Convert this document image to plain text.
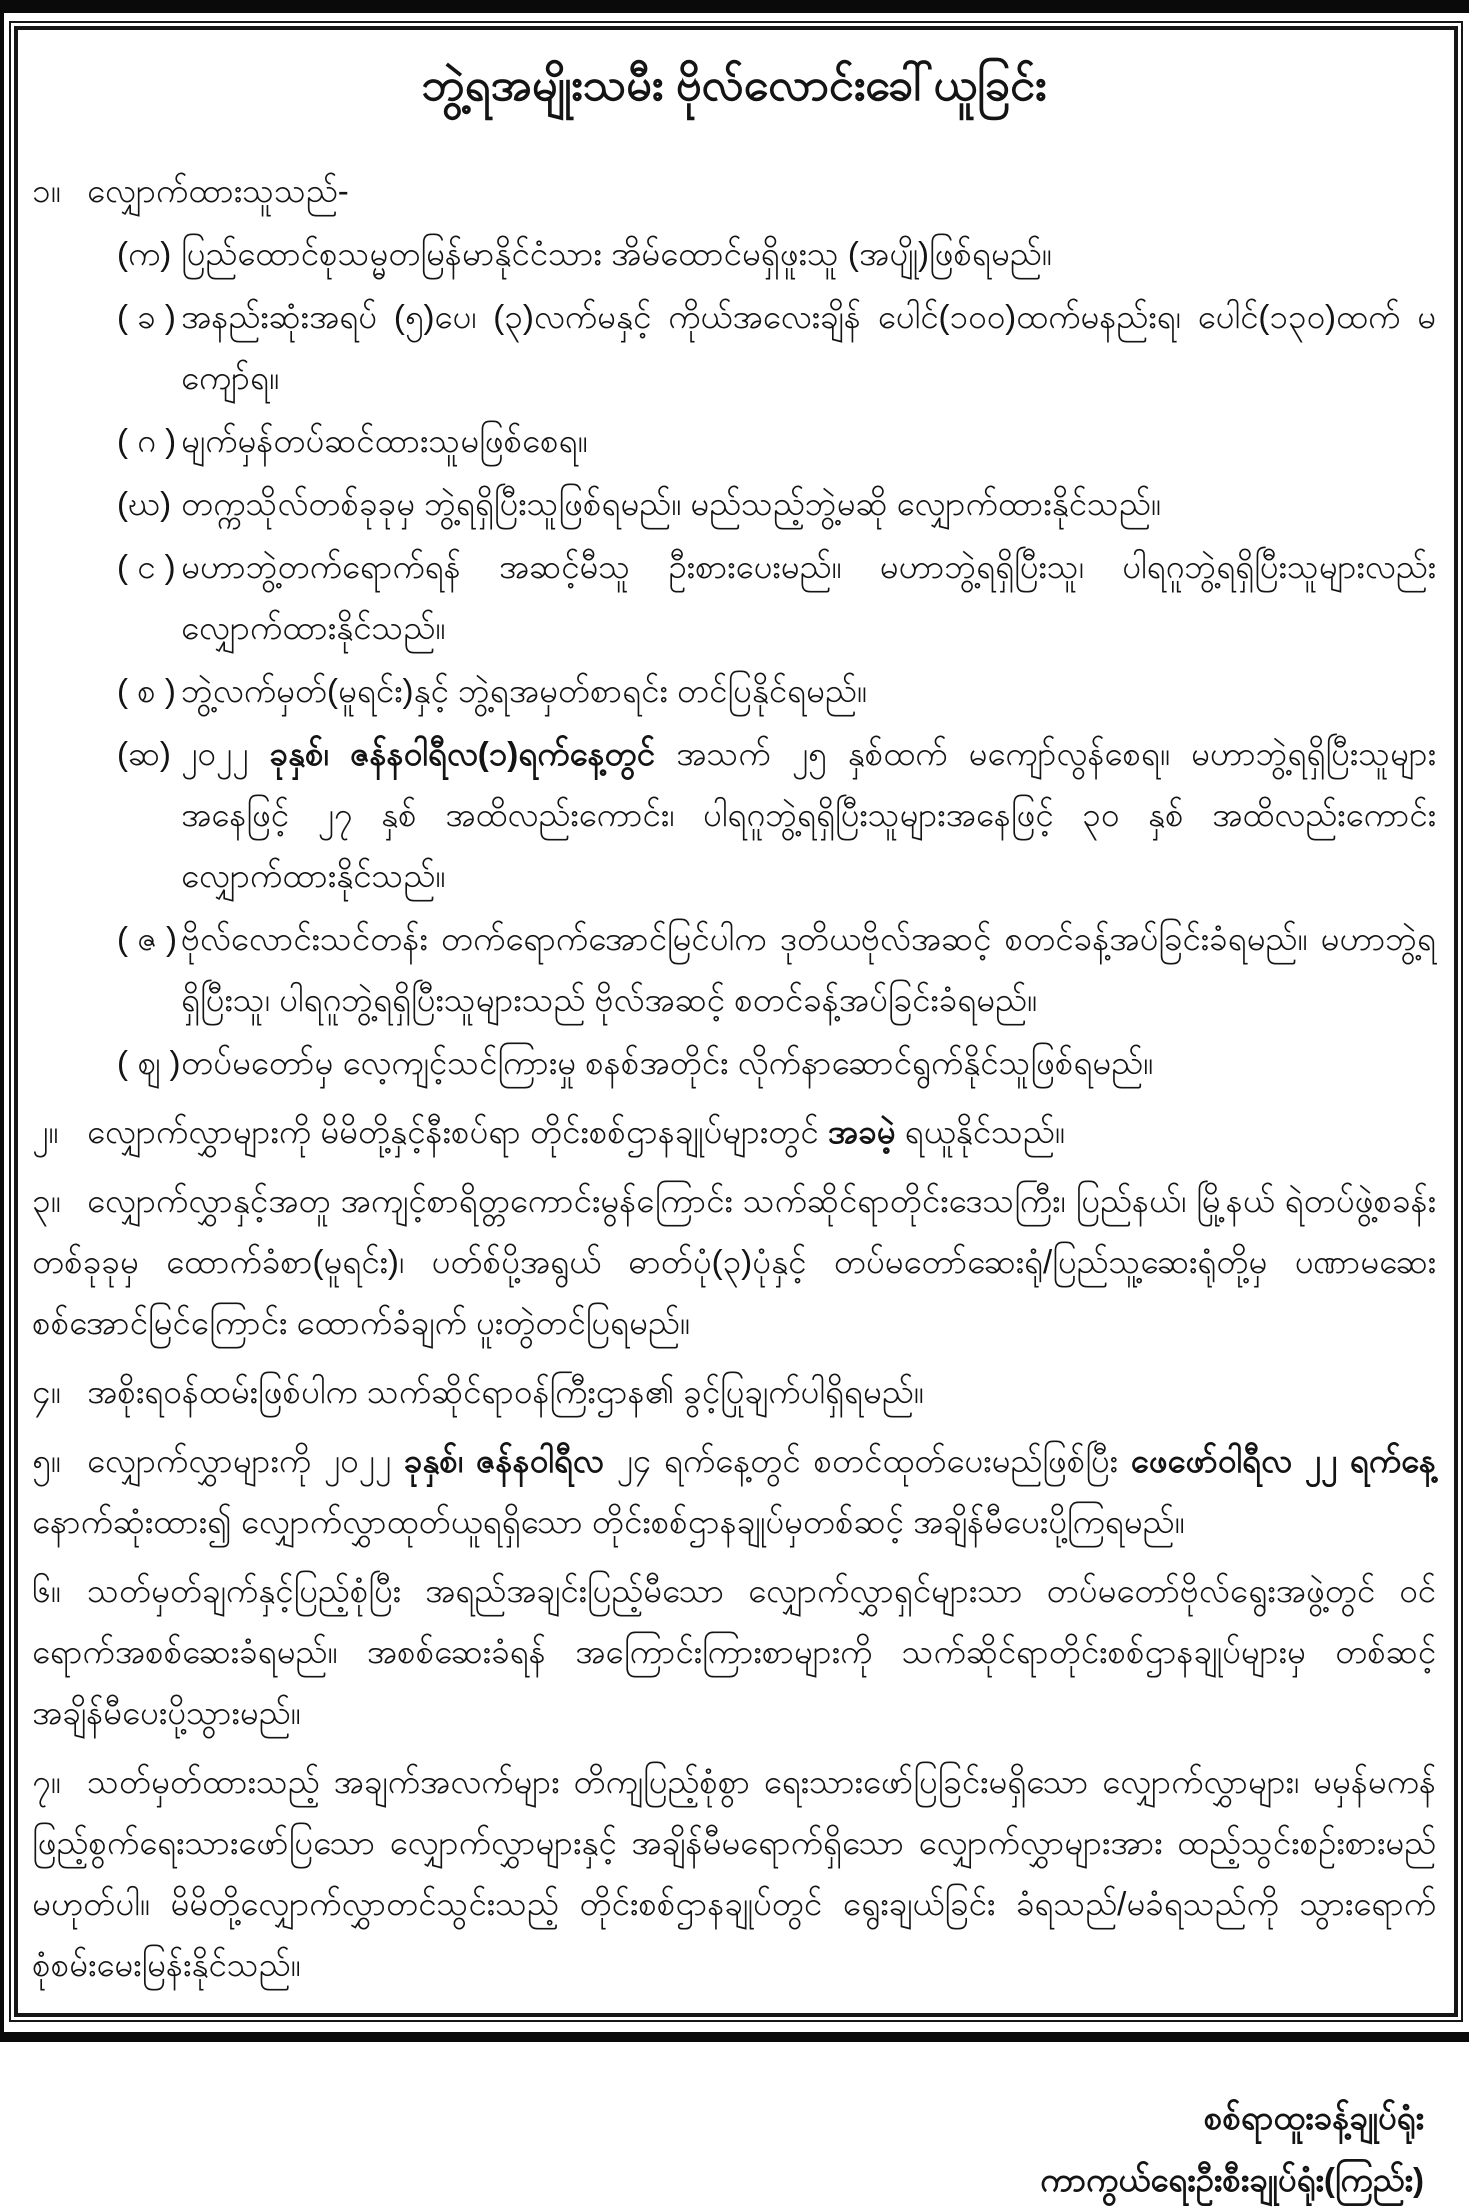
ဘွဲ့ရအမျိုးသမီး ဗိုလ်လောင်းခေါ်ယူခြင်း

၁။ လျှောက်ထားသူသည်-

(က) ပြည်ထောင်စုသမ္မတမြန်မာနိုင်ငံသား အိမ်ထောင်မရှိဖူးသူ (အပျို)ဖြစ်ရမည်။
( ခ ) အနည်းဆုံးအရပ် (၅)ပေ၊ (၃)လက်မနှင့် ကိုယ်အလေးချိန် ပေါင်(၁၀၀)ထက်မနည်းရ၊ ပေါင်(၁၃၀)ထက် မကျော်ရ။
( ဂ ) မျက်မှန်တပ်ဆင်ထားသူမဖြစ်စေရ။
(ဃ) တက္ကသိုလ်တစ်ခုခုမှ ဘွဲ့ရရှိပြီးသူဖြစ်ရမည်။ မည်သည့်ဘွဲ့မဆို လျှောက်ထားနိုင်သည်။
( င ) မဟာဘွဲ့တက်ရောက်ရန် အဆင့်မီသူ ဦးစားပေးမည်။ မဟာဘွဲ့ရရှိပြီးသူ၊ ပါရဂူဘွဲ့ရရှိပြီးသူများလည်း လျှောက်ထားနိုင်သည်။
( စ ) ဘွဲ့လက်မှတ်(မူရင်း)နှင့် ဘွဲ့ရအမှတ်စာရင်း တင်ပြနိုင်ရမည်။
(ဆ) ၂၀၂၂ ခုနှစ်၊ ဇန်နဝါရီလ(၁)ရက်နေ့တွင် အသက် ၂၅ နှစ်ထက် မကျော်လွန်စေရ။ မဟာဘွဲ့ရရှိပြီးသူများအနေဖြင့် ၂၇ နှစ် အထိလည်းကောင်း၊ ပါရဂူဘွဲ့ရရှိပြီးသူများအနေဖြင့် ၃၀ နှစ် အထိလည်းကောင်း လျှောက်ထားနိုင်သည်။
( ဇ ) ဗိုလ်လောင်းသင်တန်း တက်ရောက်အောင်မြင်ပါက ဒုတိယဗိုလ်အဆင့် စတင်ခန့်အပ်ခြင်းခံရမည်။ မဟာဘွဲ့ရရှိပြီးသူ၊ ပါရဂူဘွဲ့ရရှိပြီးသူများသည် ဗိုလ်အဆင့် စတင်ခန့်အပ်ခြင်းခံရမည်။
( ဈ ) တပ်မတော်မှ လေ့ကျင့်သင်ကြားမှု စနစ်အတိုင်း လိုက်နာဆောင်ရွက်နိုင်သူဖြစ်ရမည်။

၂။ လျှောက်လွှာများကို မိမိတို့နှင့်နီးစပ်ရာ တိုင်းစစ်ဌာနချုပ်များတွင် အခမဲ့ ရယူနိုင်သည်။

၃။ လျှောက်လွှာနှင့်အတူ အကျင့်စာရိတ္တကောင်းမွန်ကြောင်း သက်ဆိုင်ရာတိုင်းဒေသကြီး၊ ပြည်နယ်၊ မြို့နယ် ရဲတပ်ဖွဲ့စခန်းတစ်ခုခုမှ ထောက်ခံစာ(မူရင်း)၊ ပတ်စ်ပို့အရွယ် ဓာတ်ပုံ(၃)ပုံနှင့် တပ်မတော်ဆေးရုံ/ပြည်သူ့ဆေးရုံတို့မှ ပဏာမဆေးစစ်အောင်မြင်ကြောင်း ထောက်ခံချက် ပူးတွဲတင်ပြရမည်။

၄။ အစိုးရဝန်ထမ်းဖြစ်ပါက သက်ဆိုင်ရာဝန်ကြီးဌာန၏ ခွင့်ပြုချက်ပါရှိရမည်။

၅။ လျှောက်လွှာများကို ၂၀၂၂ ခုနှစ်၊ ဇန်နဝါရီလ ၂၄ ရက်နေ့တွင် စတင်ထုတ်ပေးမည်ဖြစ်ပြီး ဖေဖော်ဝါရီလ ၂၂ ရက်နေ့နောက်ဆုံးထား၍ လျှောက်လွှာထုတ်ယူရရှိသော တိုင်းစစ်ဌာနချုပ်မှတစ်ဆင့် အချိန်မီပေးပို့ကြရမည်။

၆။ သတ်မှတ်ချက်နှင့်ပြည့်စုံပြီး အရည်အချင်းပြည့်မီသော လျှောက်လွှာရှင်များသာ တပ်မတော်ဗိုလ်ရွေးအဖွဲ့တွင် ဝင်ရောက်အစစ်ဆေးခံရမည်။ အစစ်ဆေးခံရန် အကြောင်းကြားစာများကို သက်ဆိုင်ရာတိုင်းစစ်ဌာနချုပ်များမှ တစ်ဆင့် အချိန်မီပေးပို့သွားမည်။

၇။ သတ်မှတ်ထားသည့် အချက်အလက်များ တိကျပြည့်စုံစွာ ရေးသားဖော်ပြခြင်းမရှိသော လျှောက်လွှာများ၊ မမှန်မကန်ဖြည့်စွက်ရေးသားဖော်ပြသော လျှောက်လွှာများနှင့် အချိန်မီမရောက်ရှိသော လျှောက်လွှာများအား ထည့်သွင်းစဉ်းစားမည်မဟုတ်ပါ။ မိမိတို့လျှောက်လွှာတင်သွင်းသည့် တိုင်းစစ်ဌာနချုပ်တွင် ရွေးချယ်ခြင်း ခံရသည်/မခံရသည်ကို သွားရောက်စုံစမ်းမေးမြန်းနိုင်သည်။

စစ်ရာထူးခန့်ချုပ်ရုံး
ကာကွယ်ရေးဦးစီးချုပ်ရုံး(ကြည်း)
